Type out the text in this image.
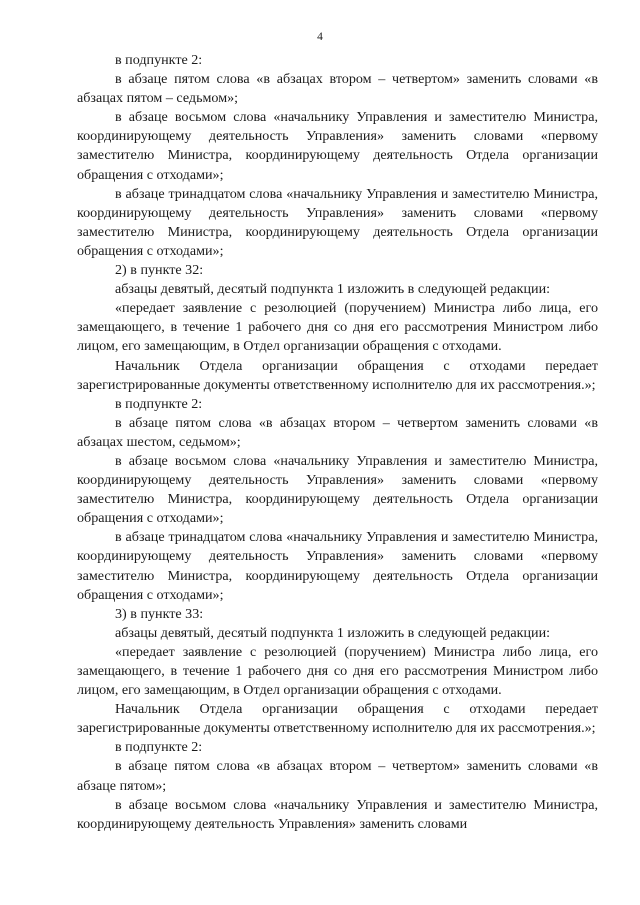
4

в подпункте 2:

в абзаце пятом слова «в абзацах втором – четвертом» заменить словами «в абзацах пятом – седьмом»;

в абзаце восьмом слова «начальнику Управления и заместителю Министра, координирующему деятельность Управления» заменить словами «первому заместителю Министра, координирующему деятельность Отдела организации обращения с отходами»;

в абзаце тринадцатом слова «начальнику Управления и заместителю Министра, координирующему деятельность Управления» заменить словами «первому заместителю Министра, координирующему деятельность Отдела организации обращения с отходами»;

2) в пункте 32:

абзацы девятый, десятый подпункта 1 изложить в следующей редакции:

«передает заявление с резолюцией (поручением) Министра либо лица, его замещающего, в течение 1 рабочего дня со дня его рассмотрения Министром либо лицом, его замещающим, в Отдел организации обращения с отходами.

Начальник Отдела организации обращения с отходами передает зарегистрированные документы ответственному исполнителю для их рассмотрения.»;

в подпункте 2:

в абзаце пятом слова «в абзацах втором – четвертом заменить словами «в абзацах шестом, седьмом»;

в абзаце восьмом слова «начальнику Управления и заместителю Министра, координирующему деятельность Управления» заменить словами «первому заместителю Министра, координирующему деятельность Отдела организации обращения с отходами»;

в абзаце тринадцатом слова «начальнику Управления и заместителю Министра, координирующему деятельность Управления» заменить словами «первому заместителю Министра, координирующему деятельность Отдела организации обращения с отходами»;

3) в пункте 33:

абзацы девятый, десятый подпункта 1 изложить в следующей редакции:

«передает заявление с резолюцией (поручением) Министра либо лица, его замещающего, в течение 1 рабочего дня со дня его рассмотрения Министром либо лицом, его замещающим, в Отдел организации обращения с отходами.

Начальник Отдела организации обращения с отходами передает зарегистрированные документы ответственному исполнителю для их рассмотрения.»;

в подпункте 2:

в абзаце пятом слова «в абзацах втором – четвертом» заменить словами «в абзаце пятом»;

в абзаце восьмом слова «начальнику Управления и заместителю Министра, координирующему деятельность Управления» заменить словами
